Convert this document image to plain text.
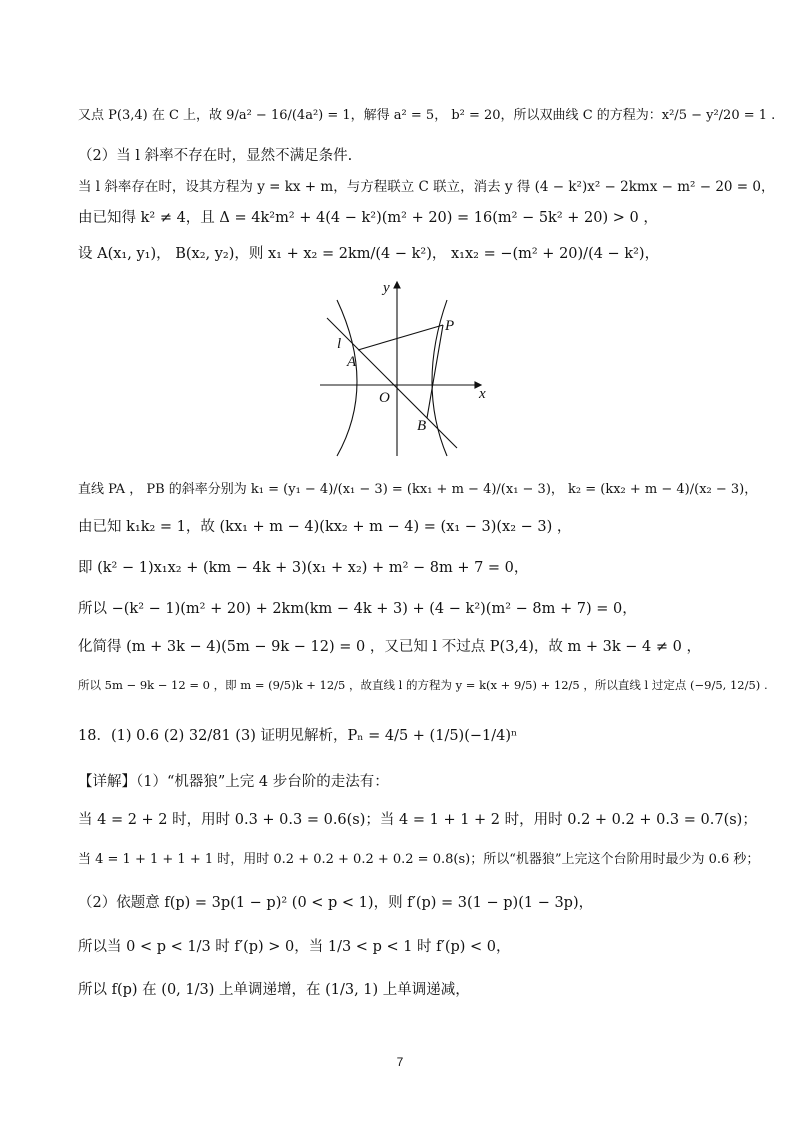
又点 P(3,4) 在 C 上，故 9/a² − 16/(4a²) = 1，解得 a² = 5， b² = 20，所以双曲线 C 的方程为：x²/5 − y²/20 = 1 .
（2）当 l 斜率不存在时，显然不满足条件.
当 l 斜率存在时，设其方程为 y = kx + m，与方程联立 C 联立，消去 y 得 (4 − k²)x² − 2kmx − m² − 20 = 0，
由已知得 k² ≠ 4，且 Δ = 4k²m² + 4(4 − k²)(m² + 20) = 16(m² − 5k² + 20) > 0 ，
设 A(x₁, y₁)， B(x₂, y₂)，则 x₁ + x₂ = 2km/(4 − k²)， x₁x₂ = −(m² + 20)/(4 − k²)，
y
x
O
P
A
B
l
直线 PA ， PB 的斜率分别为 k₁ = (y₁ − 4)/(x₁ − 3) = (kx₁ + m − 4)/(x₁ − 3)， k₂ = (kx₂ + m − 4)/(x₂ − 3)，
由已知 k₁k₂ = 1，故 (kx₁ + m − 4)(kx₂ + m − 4) = (x₁ − 3)(x₂ − 3) ，
即 (k² − 1)x₁x₂ + (km − 4k + 3)(x₁ + x₂) + m² − 8m + 7 = 0，
所以 −(k² − 1)(m² + 20) + 2km(km − 4k + 3) + (4 − k²)(m² − 8m + 7) = 0，
化简得 (m + 3k − 4)(5m − 9k − 12) = 0 ，又已知 l 不过点 P(3,4)，故 m + 3k − 4 ≠ 0 ，
所以 5m − 9k − 12 = 0 ，即 m = (9/5)k + 12/5 ，故直线 l 的方程为 y = k(x + 9/5) + 12/5 ，所以直线 l 过定点 (−9/5, 12/5) .
18．(1) 0.6 (2) 32/81 (3) 证明见解析，Pₙ = 4/5 + (1/5)(−1/4)ⁿ
【详解】（1）“机器狼”上完 4 步台阶的走法有：
当 4 = 2 + 2 时，用时 0.3 + 0.3 = 0.6(s)；当 4 = 1 + 1 + 2 时，用时 0.2 + 0.2 + 0.3 = 0.7(s)；
当 4 = 1 + 1 + 1 + 1 时，用时 0.2 + 0.2 + 0.2 + 0.2 = 0.8(s)；所以“机器狼”上完这个台阶用时最少为 0.6 秒；
（2）依题意 f(p) = 3p(1 − p)² (0 < p < 1)，则 f′(p) = 3(1 − p)(1 − 3p)，
所以当 0 < p < 1/3 时 f′(p) > 0，当 1/3 < p < 1 时 f′(p) < 0，
所以 f(p) 在 (0, 1/3) 上单调递增，在 (1/3, 1) 上单调递减，
7
